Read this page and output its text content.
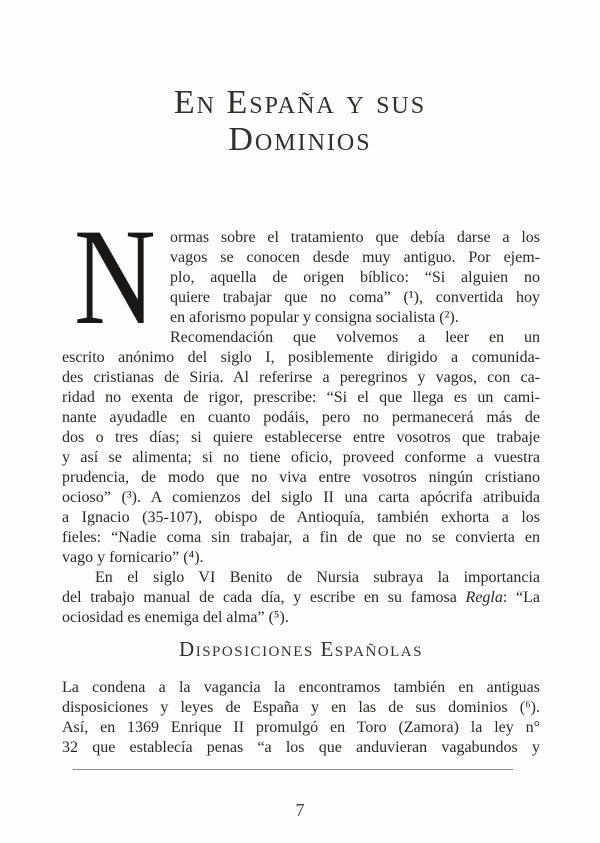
En España y sus
Dominios
N ormas sobre el tratamiento que debía darse a los
vagos se conocen desde muy antiguo. Por ejem-
plo, aquella de origen bíblico: “Si alguien no
quiere trabajar que no coma” (¹), convertida hoy
en aforismo popular y consigna socialista (²).
Recomendación que volvemos a leer en un
escrito anónimo del siglo I, posiblemente dirigido a comunida-
des cristianas de Siria. Al referirse a peregrinos y vagos, con ca-
ridad no exenta de rigor, prescribe: “Si el que llega es un cami-
nante ayudadle en cuanto podáis, pero no permanecerá más de
dos o tres días; si quiere establecerse entre vosotros que trabaje
y así se alimenta; si no tiene oficio, proveed conforme a vuestra
prudencia, de modo que no viva entre vosotros ningún cristiano
ocioso” (³). A comienzos del siglo II una carta apócrifa atribuida
a Ignacio (35-107), obispo de Antioquía, también exhorta a los
fieles: “Nadie coma sin trabajar, a fin de que no se convierta en
vago y fornicario” (⁴).
En el siglo VI Benito de Nursia subraya la importancia
del trabajo manual de cada día, y escribe en su famosa Regla: “La
ociosidad es enemiga del alma” (⁵).
Disposiciones Españolas
La condena a la vagancia la encontramos también en antiguas
disposiciones y leyes de España y en las de sus dominios (⁶).
Así, en 1369 Enrique II promulgó en Toro (Zamora) la ley n°
32 que establecía penas “a los que anduvieran vagabundos y
7
